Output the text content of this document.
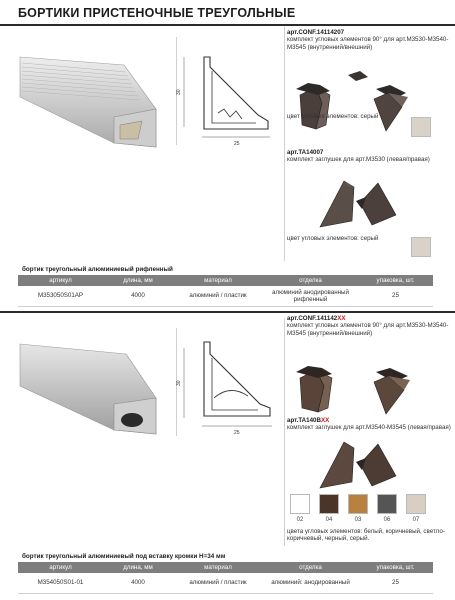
БОРТИКИ ПРИСТЕНОЧНЫЕ ТРЕУГОЛЬНЫЕ
30
25
арт.CONF.14114207
комплект угловых элементов 90° для арт.М3530-М3540-М3545 (внутренний/внешний)
цвет угловых элементов: серый
арт.TA14007
комплект заглушек для арт.М3530 (левая/правая)
цвет угловых элементов: серый
бортик треугольный алюминиевый рифленный
артикул	длина, мм	материал	отделка	упаковка, шт.
M353050S01AP	4000	алюминий / пластик	алюминий анодированный рифленный	25
30
25
арт.CONF.141142XX
комплект угловых элементов 90° для арт.М3530-М3540-М3545 (внутренний/внешний)
арт.TA140BXX
комплект заглушек для арт.М3540-М3545 (левая/правая)
02	04	03	06	07
цвета угловых элементов: белый, коричневый, светло-коричневый, черный, серый.
бортик треугольный алюминиевый под вставку кромки Н=34 мм
артикул	длина, мм	материал	отделка	упаковка, шт.
M354050S01-01	4000	алюминий / пластик	алюминий: анодированный	25
